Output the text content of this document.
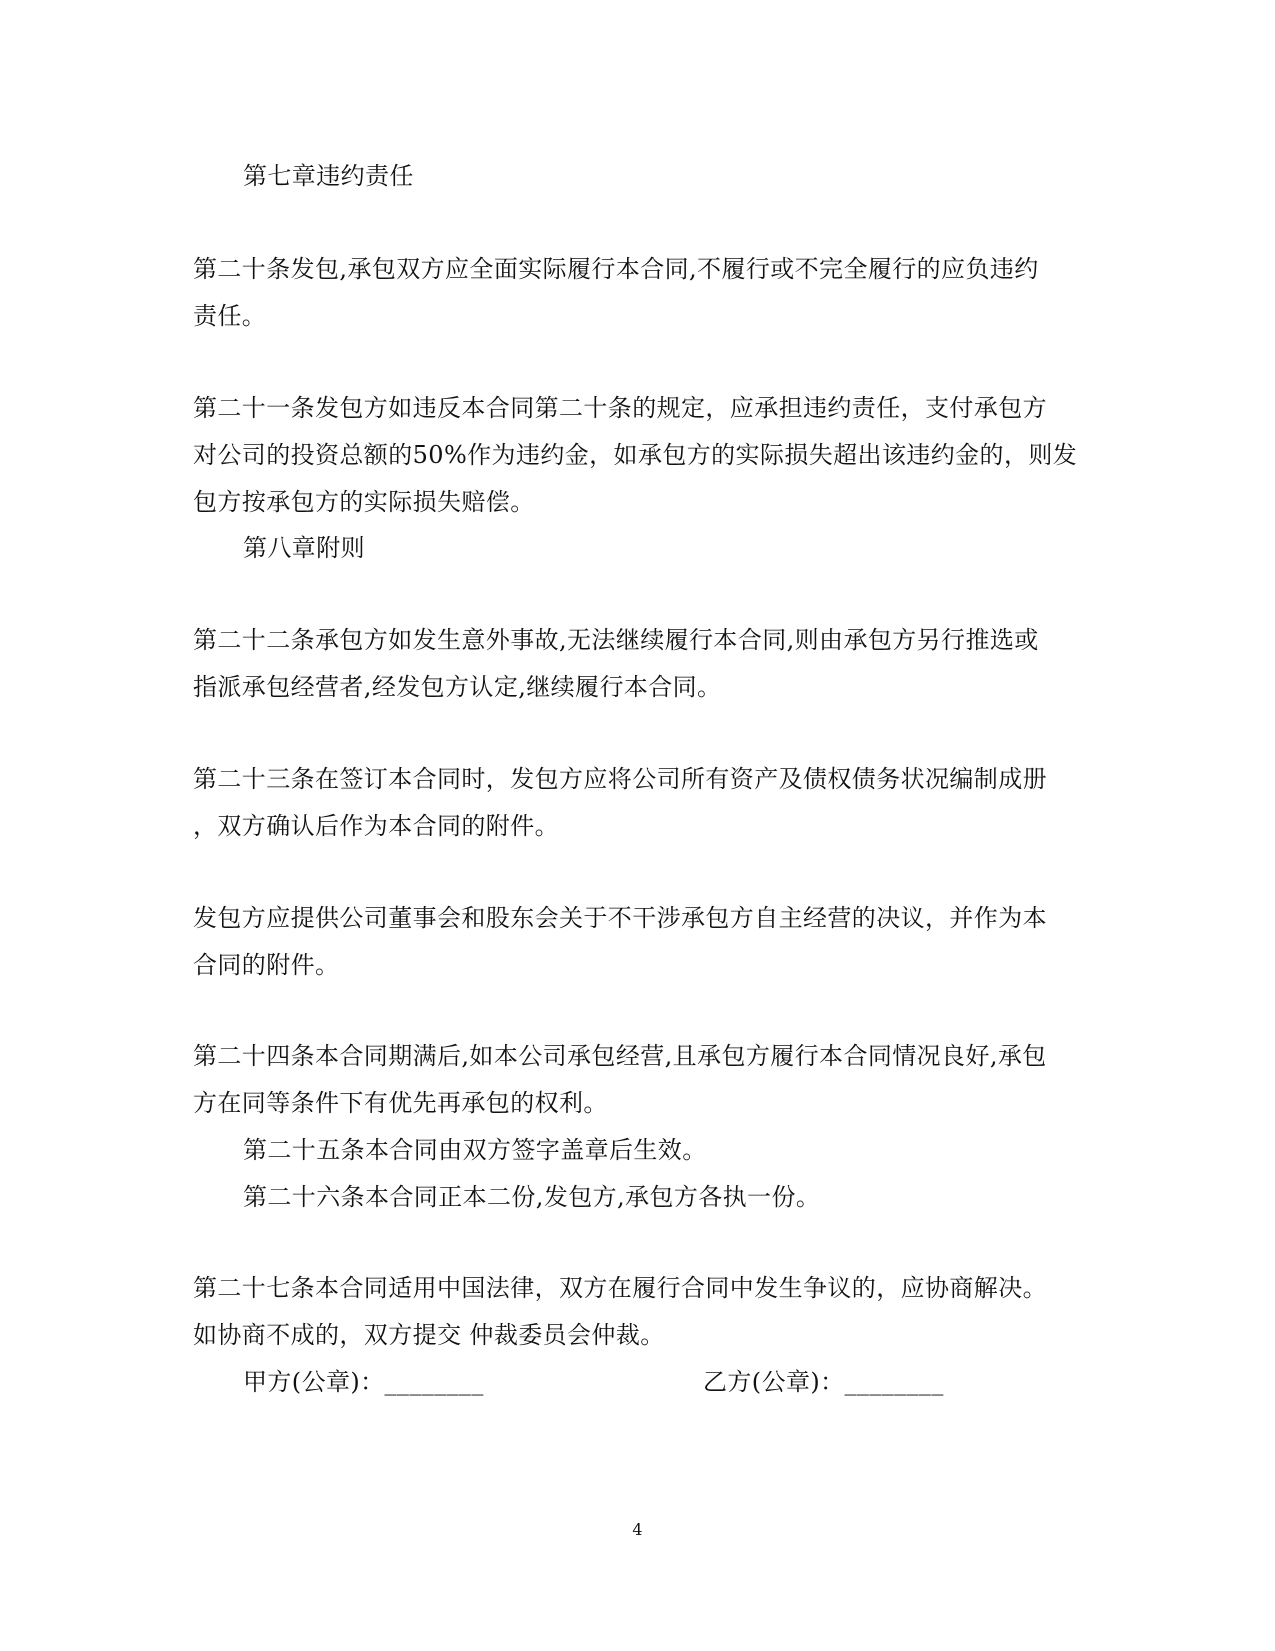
第七章违约责任
第二十条发包,承包双方应全面实际履行本合同,不履行或不完全履行的应负违约
责任。
第二十一条发包方如违反本合同第二十条的规定，应承担违约责任，支付承包方
对公司的投资总额的50%作为违约金，如承包方的实际损失超出该违约金的，则发
包方按承包方的实际损失赔偿。
第八章附则
第二十二条承包方如发生意外事故,无法继续履行本合同,则由承包方另行推选或
指派承包经营者,经发包方认定,继续履行本合同。
第二十三条在签订本合同时，发包方应将公司所有资产及债权债务状况编制成册
，双方确认后作为本合同的附件。
发包方应提供公司董事会和股东会关于不干涉承包方自主经营的决议，并作为本
合同的附件。
第二十四条本合同期满后,如本公司承包经营,且承包方履行本合同情况良好,承包
方在同等条件下有优先再承包的权利。
第二十五条本合同由双方签字盖章后生效。
第二十六条本合同正本二份,发包方,承包方各执一份。
第二十七条本合同适用中国法律，双方在履行合同中发生争议的，应协商解决。
如协商不成的，双方提交 仲裁委员会仲裁。
甲方(公章)：________	乙方(公章)：________
4
